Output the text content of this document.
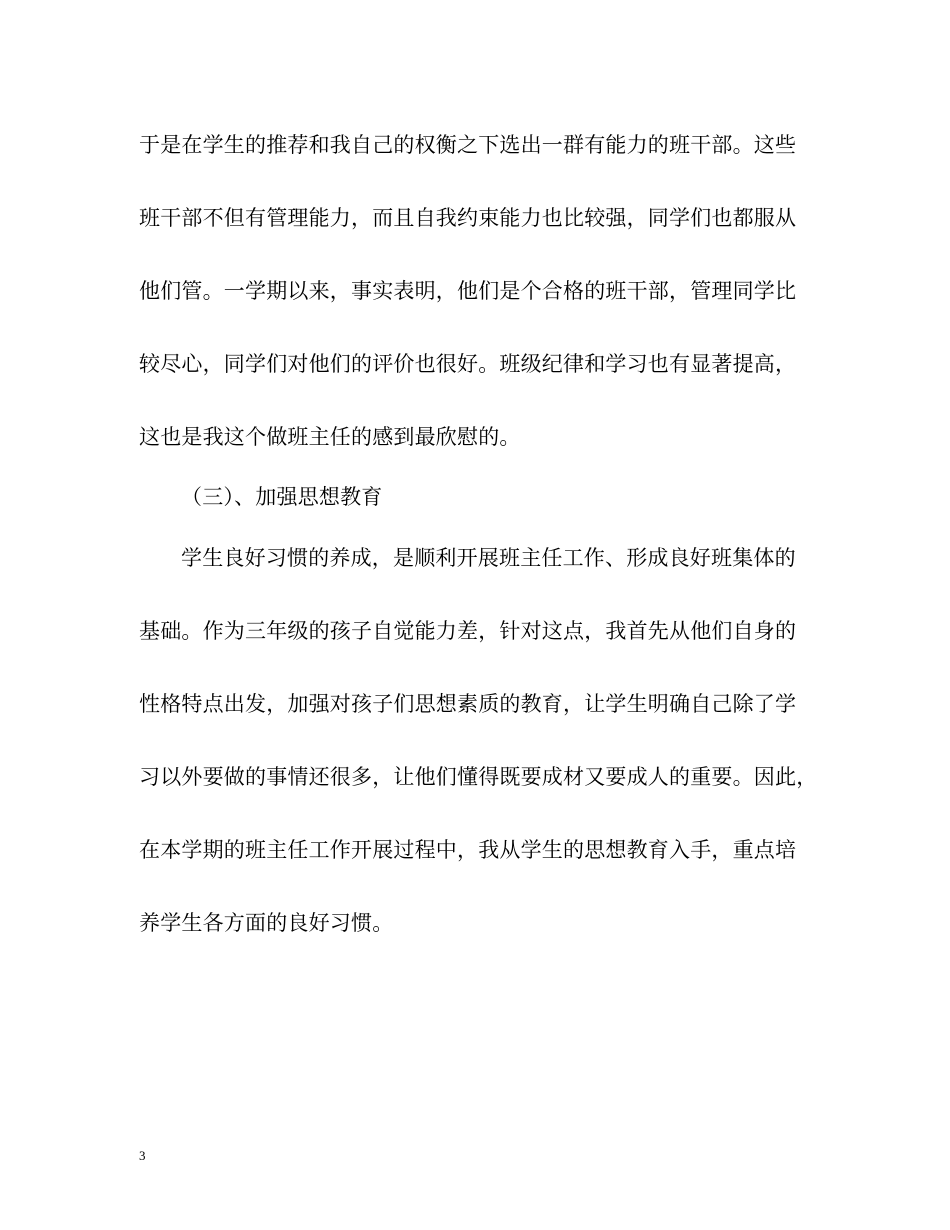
于是在学生的推荐和我自己的权衡之下选出一群有能力的班干部。这些
班干部不但有管理能力，而且自我约束能力也比较强，同学们也都服从
他们管。一学期以来，事实表明，他们是个合格的班干部，管理同学比
较尽心，同学们对他们的评价也很好。班级纪律和学习也有显著提高，
这也是我这个做班主任的感到最欣慰的。
（三）、加强思想教育
学生良好习惯的养成，是顺利开展班主任工作、形成良好班集体的
基础。作为三年级的孩子自觉能力差，针对这点，我首先从他们自身的
性格特点出发，加强对孩子们思想素质的教育，让学生明确自己除了学
习以外要做的事情还很多，让他们懂得既要成材又要成人的重要。因此，
在本学期的班主任工作开展过程中，我从学生的思想教育入手，重点培
养学生各方面的良好习惯。
3
